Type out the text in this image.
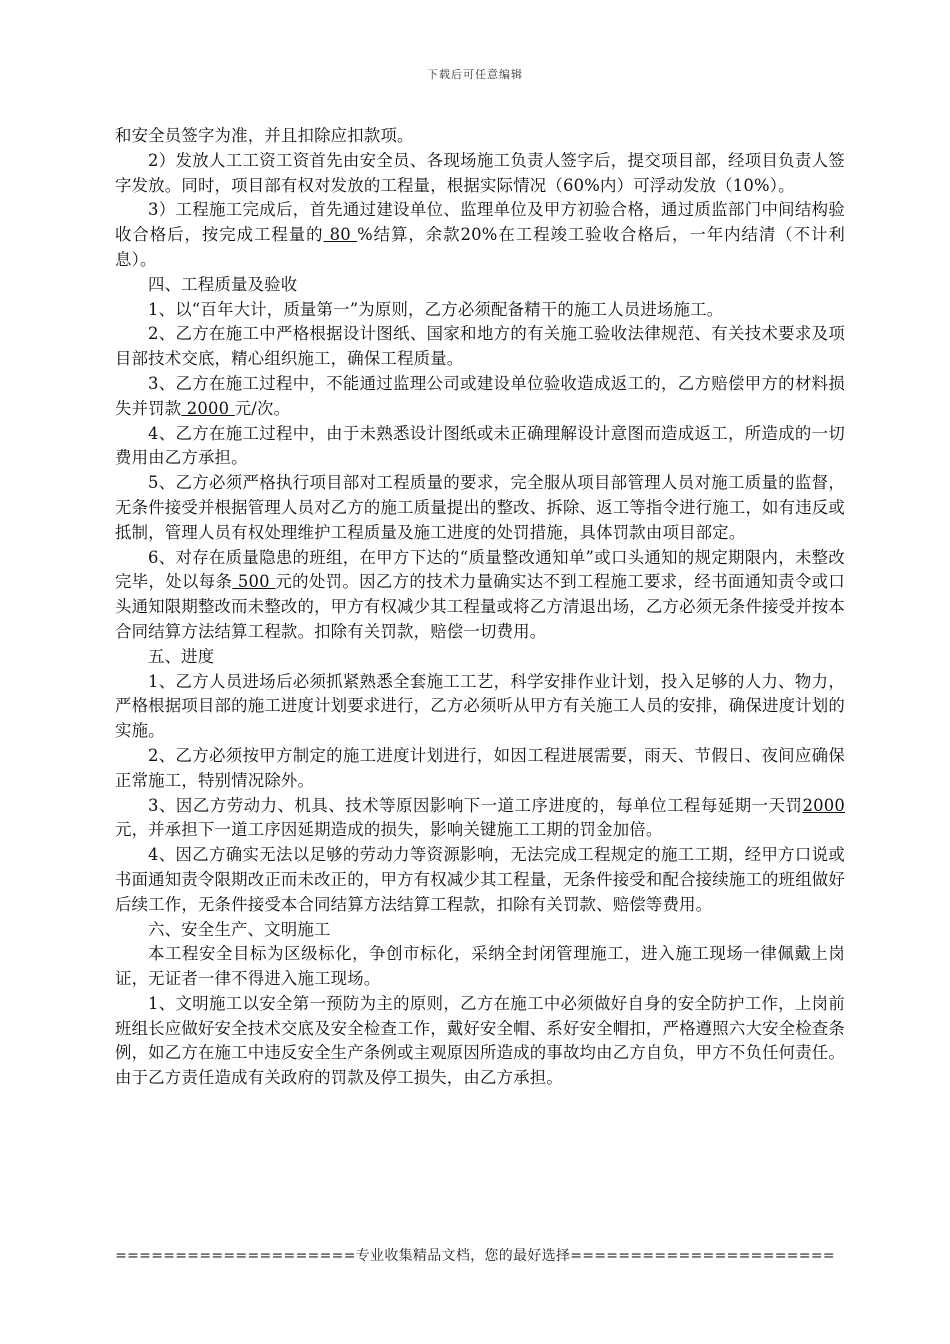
下载后可任意编辑

和安全员签字为准，并且扣除应扣款项。

2）发放人工工资工资首先由安全员、各现场施工负责人签字后，提交项目部，经项目负责人签字发放。同时，项目部有权对发放的工程量，根据实际情况（60%内）可浮动发放（10%）。

3）工程施工完成后，首先通过建设单位、监理单位及甲方初验合格，通过质监部门中间结构验收合格后，按完成工程量的 80 %结算，余款20%在工程竣工验收合格后，一年内结清（不计利息）。

四、工程质量及验收

1、以“百年大计，质量第一”为原则，乙方必须配备精干的施工人员进场施工。

2、乙方在施工中严格根据设计图纸、国家和地方的有关施工验收法律规范、有关技术要求及项目部技术交底，精心组织施工，确保工程质量。

3、乙方在施工过程中，不能通过监理公司或建设单位验收造成返工的，乙方赔偿甲方的材料损失并罚款 2000 元/次。

4、乙方在施工过程中，由于未熟悉设计图纸或未正确理解设计意图而造成返工，所造成的一切费用由乙方承担。

5、乙方必须严格执行项目部对工程质量的要求，完全服从项目部管理人员对施工质量的监督，无条件接受并根据管理人员对乙方的施工质量提出的整改、拆除、返工等指令进行施工，如有违反或抵制，管理人员有权处理维护工程质量及施工进度的处罚措施，具体罚款由项目部定。

6、对存在质量隐患的班组，在甲方下达的“质量整改通知单”或口头通知的规定期限内，未整改完毕，处以每条 500 元的处罚。因乙方的技术力量确实达不到工程施工要求，经书面通知责令或口头通知限期整改而未整改的，甲方有权减少其工程量或将乙方清退出场，乙方必须无条件接受并按本合同结算方法结算工程款。扣除有关罚款，赔偿一切费用。

五、进度

1、乙方人员进场后必须抓紧熟悉全套施工工艺，科学安排作业计划，投入足够的人力、物力，严格根据项目部的施工进度计划要求进行，乙方必须听从甲方有关施工人员的安排，确保进度计划的实施。

2、乙方必须按甲方制定的施工进度计划进行，如因工程进展需要，雨天、节假日、夜间应确保正常施工，特别情况除外。

3、因乙方劳动力、机具、技术等原因影响下一道工序进度的，每单位工程每延期一天罚2000元，并承担下一道工序因延期造成的损失，影响关键施工工期的罚金加倍。

4、因乙方确实无法以足够的劳动力等资源影响，无法完成工程规定的施工工期，经甲方口说或书面通知责令限期改正而未改正的，甲方有权减少其工程量，无条件接受和配合接续施工的班组做好后续工作，无条件接受本合同结算方法结算工程款，扣除有关罚款、赔偿等费用。

六、安全生产、文明施工

本工程安全目标为区级标化，争创市标化，采纳全封闭管理施工，进入施工现场一律佩戴上岗证，无证者一律不得进入施工现场。

1、文明施工以安全第一预防为主的原则，乙方在施工中必须做好自身的安全防护工作，上岗前班组长应做好安全技术交底及安全检查工作，戴好安全帽、系好安全帽扣，严格遵照六大安全检查条例，如乙方在施工中违反安全生产条例或主观原因所造成的事故均由乙方自负，甲方不负任何责任。由于乙方责任造成有关政府的罚款及停工损失，由乙方承担。

====================专业收集精品文档，您的最好选择======================
